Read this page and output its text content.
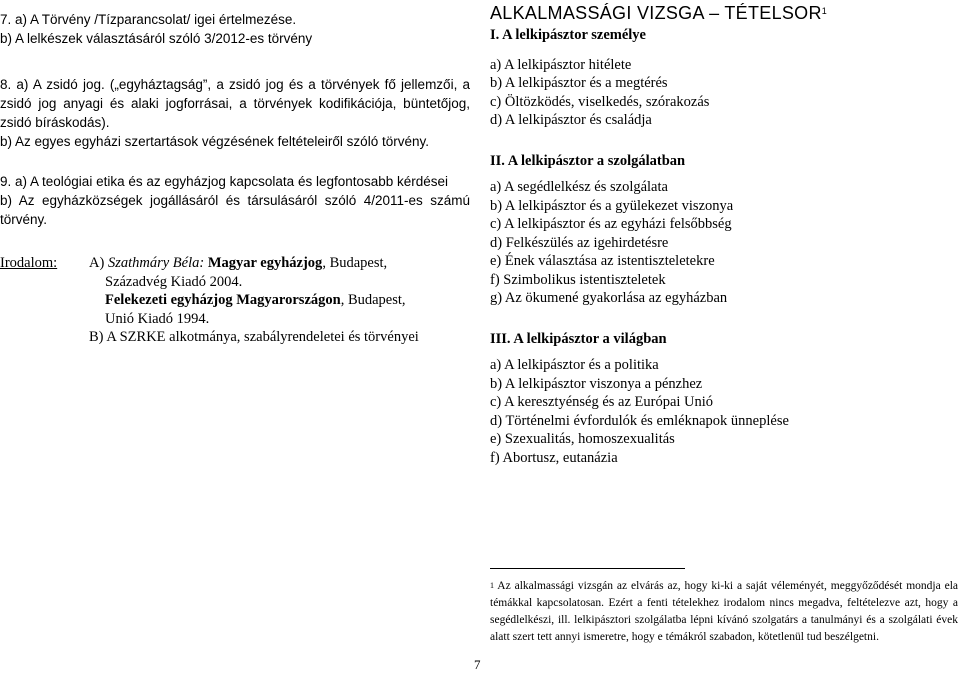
7. a) A Törvény /Tízparancsolat/ igei értelmezése.

b) A lelkészek választásáról szóló 3/2012-es törvény

8. a) A zsidó jog. („egyháztagság”, a zsidó jog és a törvények fő jellemzői, a zsidó jog anyagi és alaki jogforrásai, a törvények kodifikációja, büntetőjog, zsidó bíráskodás).

b) Az egyes egyházi szertartások végzésének feltételeiről szóló törvény.

9. a) A teológiai etika és az egyházjog kapcsolata és legfontosabb kérdései

b) Az egyházközségek jogállásáról és társulásáról szóló 4/2011-es számú törvény.

Irodalom: A) Szathmáry Béla: Magyar egyházjog, Budapest,
Századvég Kiadó 2004.
Felekezeti egyházjog Magyarországon, Budapest,
Unió Kiadó 1994.
B) A SZRKE alkotmánya, szabályrendeletei és törvényei
ALKALMASSÁGI VIZSGA – TÉTELSOR$^1$

I. A lelkipásztor személye

a) A lelkipásztor hitélete

b) A lelkipásztor és a megtérés

c) Öltözködés, viselkedés, szórakozás

d) A lelkipásztor és családja

II. A lelkipásztor a szolgálatban

a) A segédlelkész és szolgálata

b) A lelkipásztor és a gyülekezet viszonya

c) A lelkipásztor és az egyházi felsőbbség

d) Felkészülés az igehirdetésre

e) Ének választása az istentiszteletekre

f) Szimbolikus istentiszteletek

g) Az ökumené gyakorlása az egyházban

III. A lelkipásztor a világban

a) A lelkipásztor és a politika

b) A lelkipásztor viszonya a pénzhez

c) A keresztyénség és az Európai Unió

d) Történelmi évfordulók és emléknapok ünneplése

e) Szexualitás, homoszexualitás

f) Abortusz, eutanázia

$^1$ Az alkalmassági vizsgán az elvárás az, hogy ki-ki a saját véleményét, meggyőződését mondja ela témákkal kapcsolatosan. Ezért a fenti tételekhez irodalom nincs megadva, feltételezve azt, hogy a segédlelkészi, ill. lelkipásztori szolgálatba lépni kívánó szolgatárs a tanulmányi és a szolgálati évek alatt szert tett annyi ismeretre, hogy e témákról szabadon, kötetlenül tud beszélgetni.
7
